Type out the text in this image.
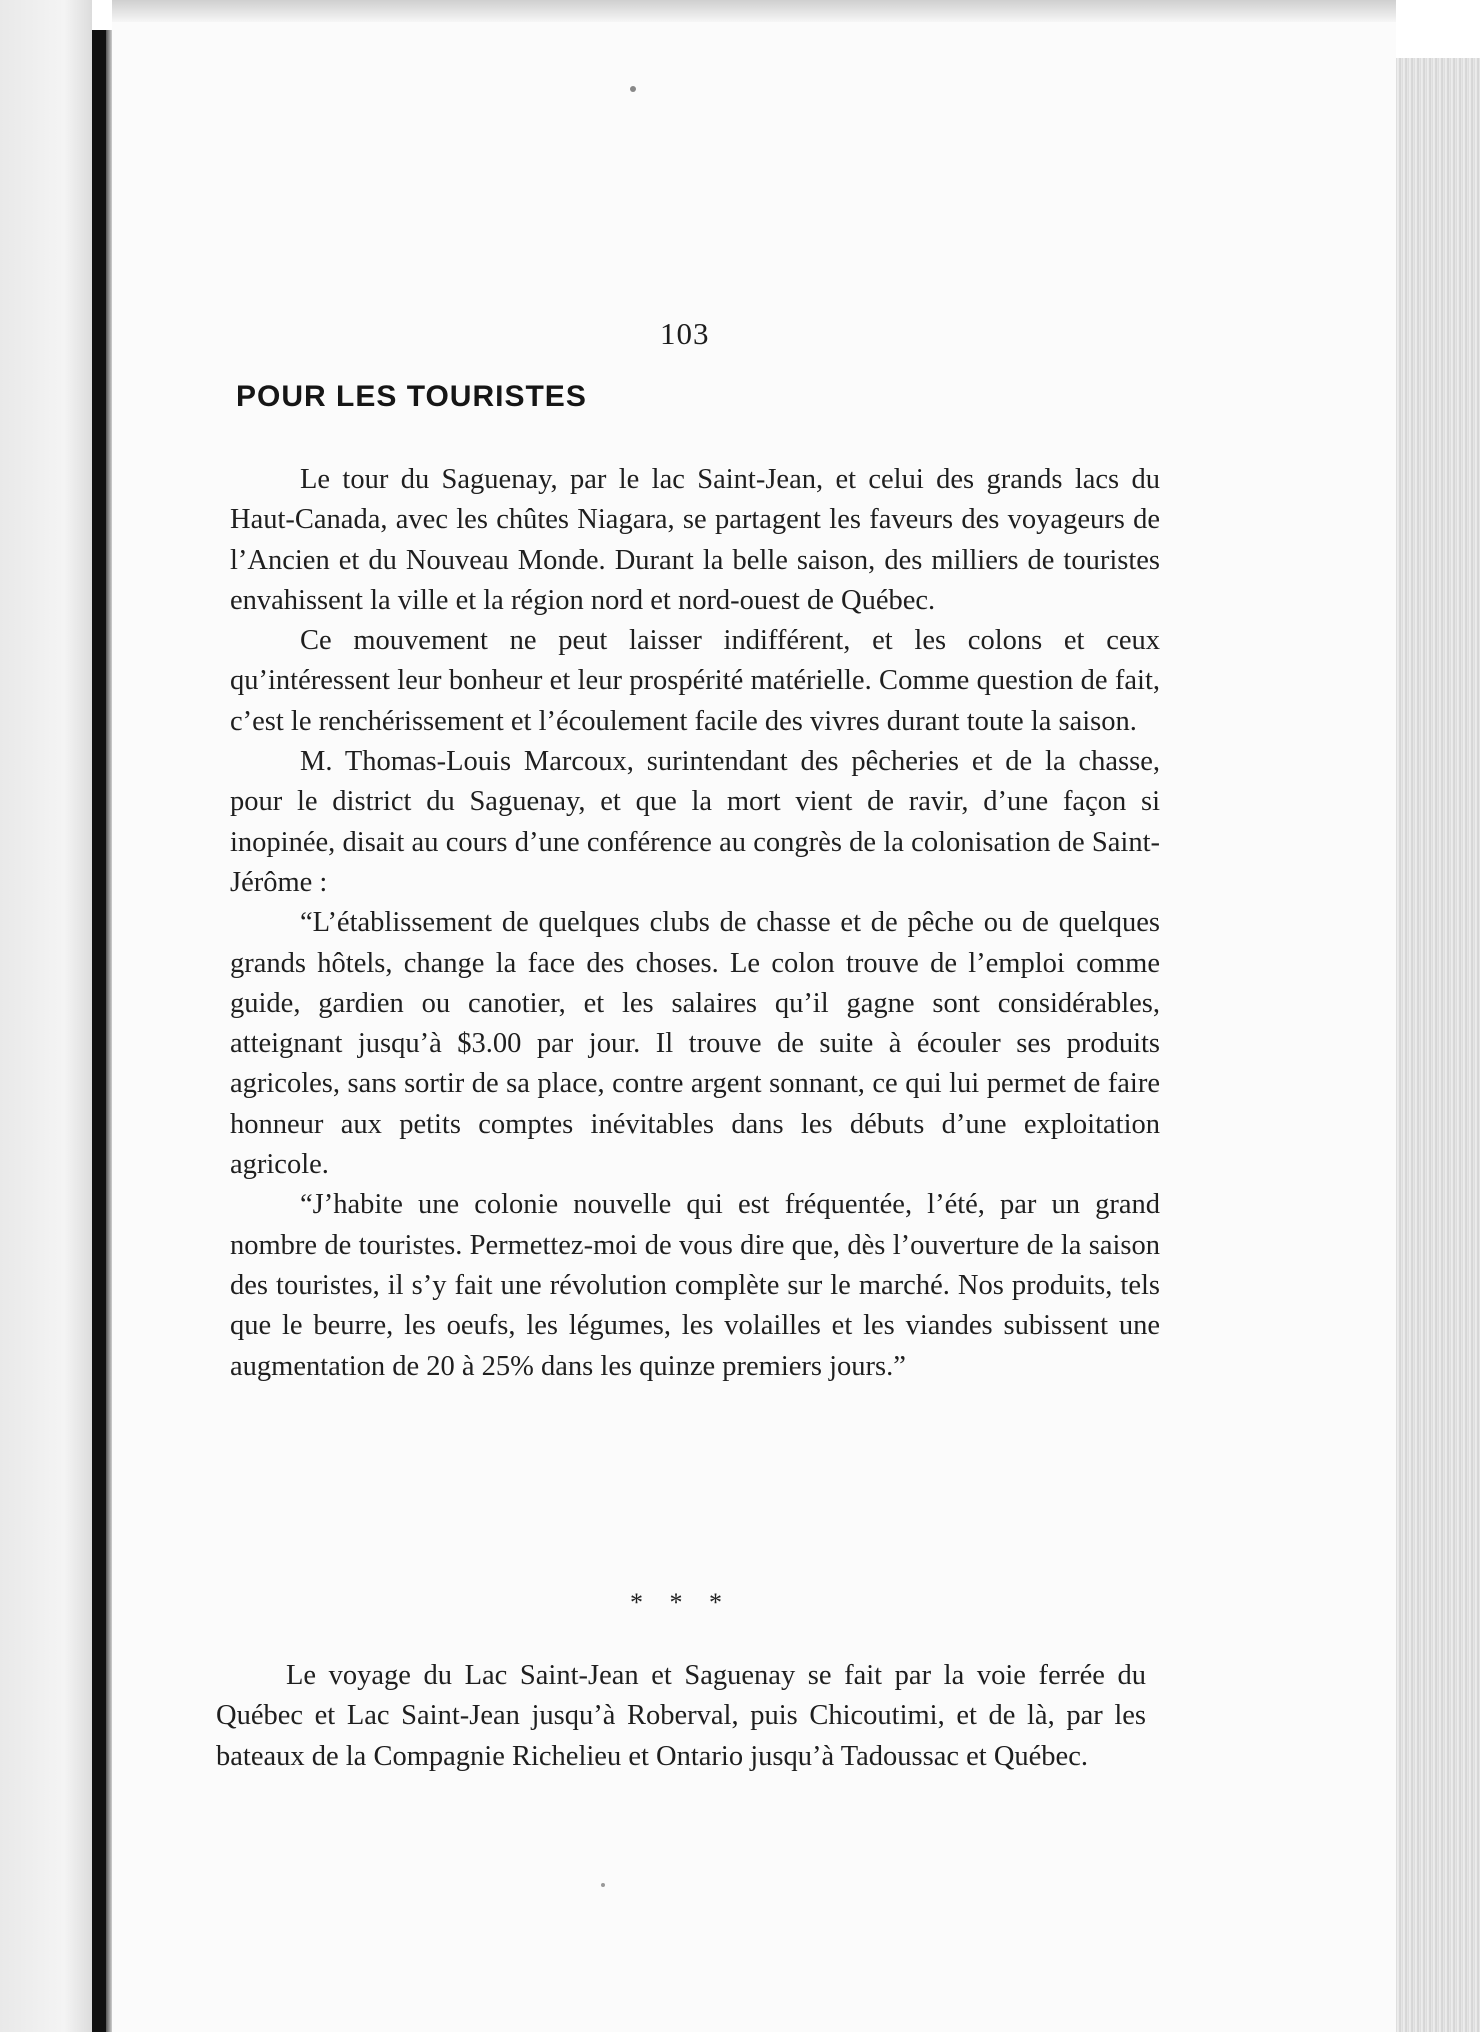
103
POUR LES TOURISTES

Le tour du Saguenay, par le lac Saint-Jean, et celui des grands lacs du Haut-Canada, avec les chûtes Niagara, se partagent les faveurs des voyageurs de l’Ancien et du Nouveau Monde. Durant la belle saison, des milliers de touristes envahissent la ville et la région nord et nord-ouest de Québec.

Ce mouvement ne peut laisser indifférent, et les colons et ceux qu’intéressent leur bonheur et leur prospérité matérielle. Comme question de fait, c’est le renchérissement et l’écoulement facile des vivres durant toute la saison.

M. Thomas-Louis Marcoux, surintendant des pêcheries et de la chasse, pour le district du Saguenay, et que la mort vient de ravir, d’une façon si inopinée, disait au cours d’une conférence au congrès de la colonisation de Saint-Jérôme :

“L’établissement de quelques clubs de chasse et de pêche ou de quelques grands hôtels, change la face des choses. Le colon trouve de l’emploi comme guide, gardien ou canotier, et les salaires qu’il gagne sont considérables, atteignant jusqu’à $3.00 par jour. Il trouve de suite à écouler ses produits agricoles, sans sortir de sa place, contre argent sonnant, ce qui lui permet de faire honneur aux petits comptes inévitables dans les débuts d’une exploitation agricole.

“J’habite une colonie nouvelle qui est fréquentée, l’été, par un grand nombre de touristes. Permettez-moi de vous dire que, dès l’ouverture de la saison des touristes, il s’y fait une révolution complète sur le marché. Nos produits, tels que le beurre, les oeufs, les légumes, les volailles et les viandes subissent une augmentation de 20 à 25% dans les quinze premiers jours.”

* * *

Le voyage du Lac Saint-Jean et Saguenay se fait par la voie ferrée du Québec et Lac Saint-Jean jusqu’à Roberval, puis Chicoutimi, et de là, par les bateaux de la Compagnie Richelieu et Ontario jusqu’à Tadoussac et Québec.
